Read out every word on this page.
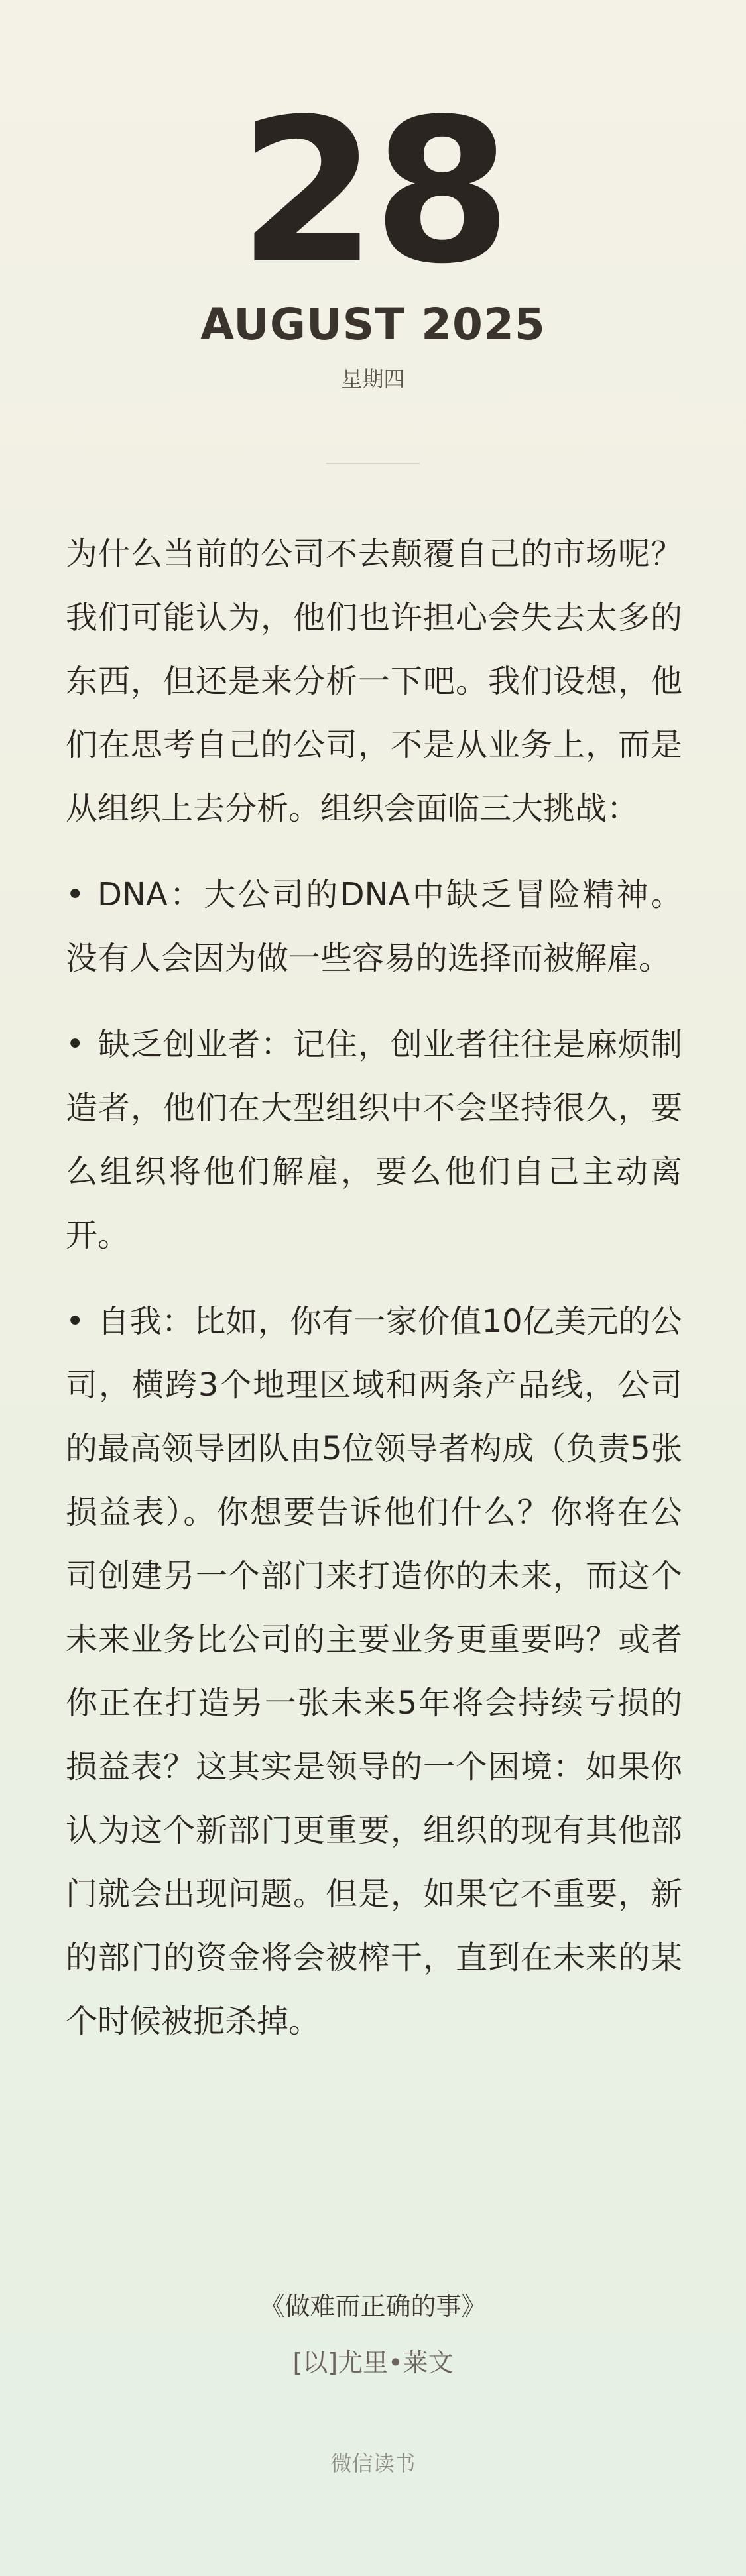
28
AUGUST 2025
星期四

为什么当前的公司不去颠覆自己的市场呢？我们可能认为，他们也许担心会失去太多的东西，但还是来分析一下吧。我们设想，他们在思考自己的公司，不是从业务上，而是从组织上去分析。组织会面临三大挑战：

• DNA：大公司的DNA中缺乏冒险精神。没有人会因为做一些容易的选择而被解雇。

• 缺乏创业者：记住，创业者往往是麻烦制造者，他们在大型组织中不会坚持很久，要么组织将他们解雇，要么他们自己主动离开。

• 自我：比如，你有一家价值10亿美元的公司，横跨3个地理区域和两条产品线，公司的最高领导团队由5位领导者构成（负责5张损益表）。你想要告诉他们什么？你将在公司创建另一个部门来打造你的未来，而这个未来业务比公司的主要业务更重要吗？或者你正在打造另一张未来5年将会持续亏损的损益表？这其实是领导的一个困境：如果你认为这个新部门更重要，组织的现有其他部门就会出现问题。但是，如果它不重要，新的部门的资金将会被榨干，直到在未来的某个时候被扼杀掉。

《做难而正确的事》
[以]尤里•莱文
微信读书
